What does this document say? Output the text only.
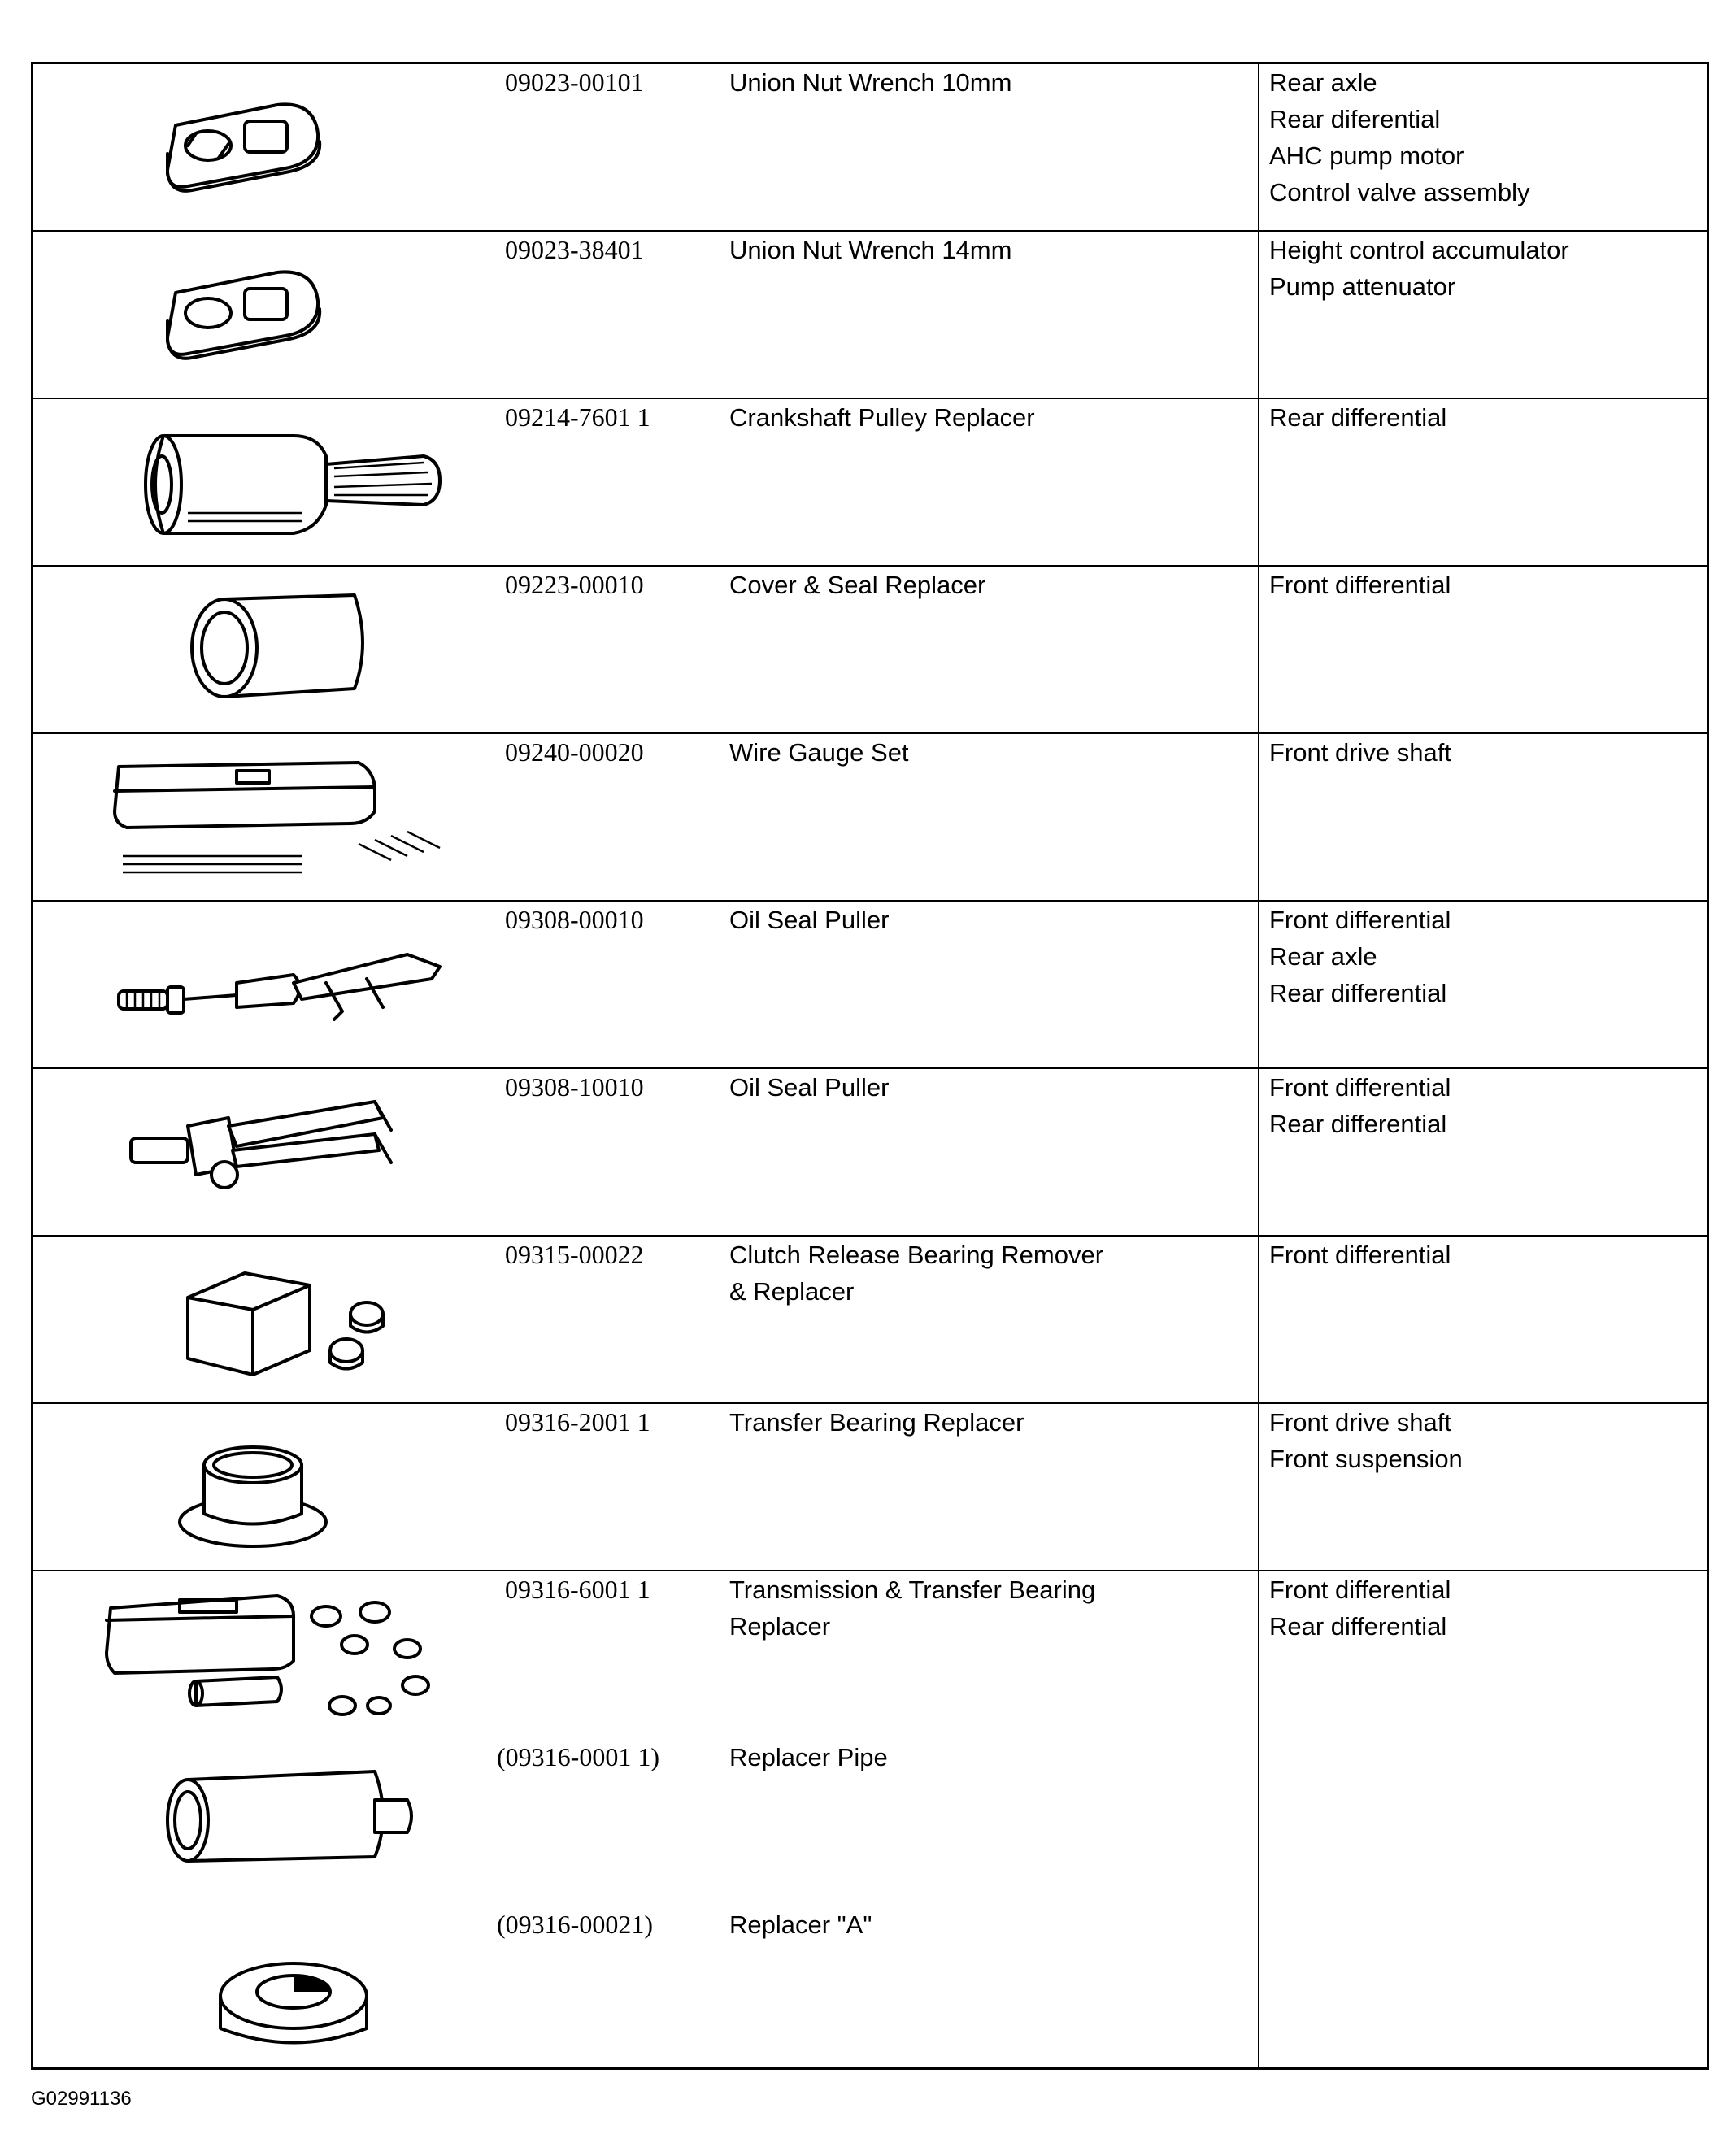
09023-00101	Union Nut Wrench 10mm	Rear axle
Rear diferential
AHC pump motor
Control valve assembly
09023-38401	Union Nut Wrench 14mm	Height control accumulator
Pump attenuator
09214-7601 1	Crankshaft Pulley Replacer	Rear differential
09223-00010	Cover & Seal Replacer	Front differential
09240-00020	Wire Gauge Set	Front drive shaft
09308-00010	Oil Seal Puller	Front differential
Rear axle
Rear differential
09308-10010	Oil Seal Puller	Front differential
Rear differential
09315-00022	Clutch Release Bearing Remover
& Replacer
Front differential
09316-2001 1	Transfer Bearing Replacer	Front drive shaft
Front suspension
09316-6001 1	Transmission & Transfer Bearing
Replacer
Front differential
Rear differential
(09316-0001 1)	Replacer Pipe
(09316-00021)	Replacer "A"
G02991136
